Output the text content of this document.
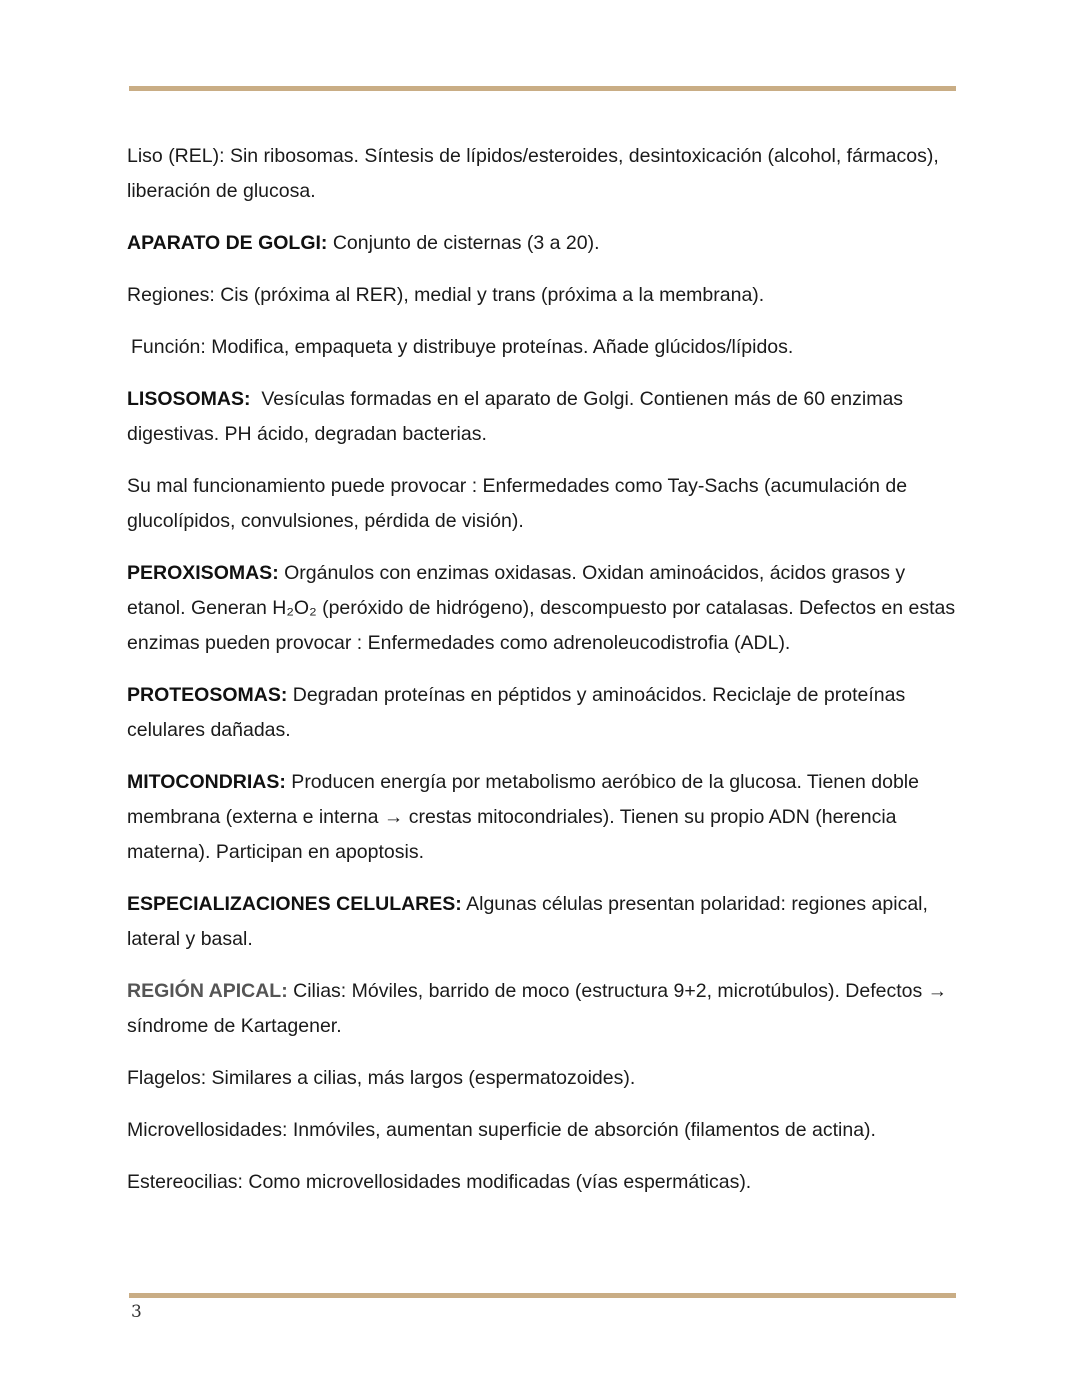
Liso (REL): Sin ribosomas. Síntesis de lípidos/esteroides, desintoxicación (alcohol, fármacos), liberación de glucosa.

APARATO DE GOLGI: Conjunto de cisternas (3 a 20).

Regiones: Cis (próxima al RER), medial y trans (próxima a la membrana).

Función: Modifica, empaqueta y distribuye proteínas. Añade glúcidos/lípidos.

LISOSOMAS:  Vesículas formadas en el aparato de Golgi. Contienen más de 60 enzimas digestivas. PH ácido, degradan bacterias.

Su mal funcionamiento puede provocar : Enfermedades como Tay-Sachs (acumulación de glucolípidos, convulsiones, pérdida de visión).

PEROXISOMAS: Orgánulos con enzimas oxidasas. Oxidan aminoácidos, ácidos grasos y etanol. Generan H₂O₂ (peróxido de hidrógeno), descompuesto por catalasas. Defectos en estas enzimas pueden provocar : Enfermedades como adrenoleucodistrofia (ADL).

PROTEOSOMAS: Degradan proteínas en péptidos y aminoácidos. Reciclaje de proteínas celulares dañadas.

MITOCONDRIAS: Producen energía por metabolismo aeróbico de la glucosa. Tienen doble membrana (externa e interna → crestas mitocondriales). Tienen su propio ADN (herencia materna). Participan en apoptosis.

ESPECIALIZACIONES CELULARES: Algunas células presentan polaridad: regiones apical, lateral y basal.

REGIÓN APICAL: Cilias: Móviles, barrido de moco (estructura 9+2, microtúbulos). Defectos → síndrome de Kartagener.

Flagelos: Similares a cilias, más largos (espermatozoides).

Microvellosidades: Inmóviles, aumentan superficie de absorción (filamentos de actina).

Estereocilias: Como microvellosidades modificadas (vías espermáticas).

3
